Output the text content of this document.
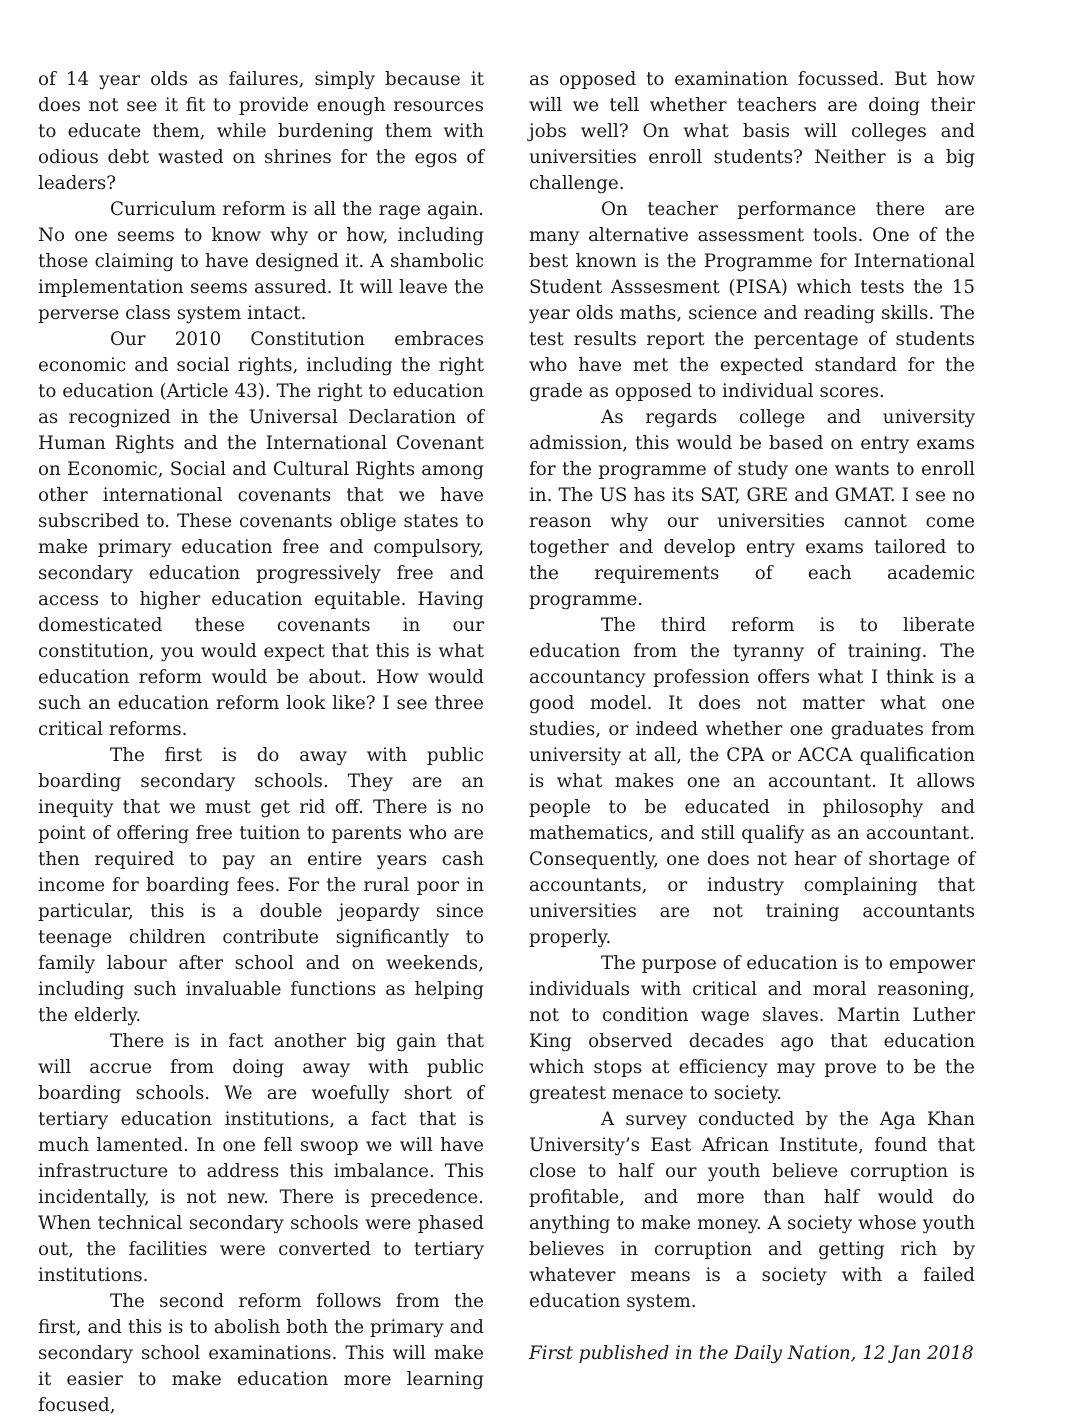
of 14 year olds as failures, simply because it does not see it fit to provide enough resources to educate them, while burdening them with odious debt wasted on shrines for the egos of leaders?

Curriculum reform is all the rage again. No one seems to know why or how, including those claiming to have designed it. A shambolic implementation seems assured. It will leave the perverse class system intact.

Our 2010 Constitution embraces economic and social rights, including the right to education (Article 43). The right to education as recognized in the Universal Declaration of Human Rights and the International Covenant on Economic, Social and Cultural Rights among other international covenants that we have subscribed to. These covenants oblige states to make primary education free and compulsory, secondary education progressively free and access to higher education equitable. Having domesticated these covenants in our constitution, you would expect that this is what education reform would be about. How would such an education reform look like? I see three critical reforms.

The first is do away with public boarding secondary schools. They are an inequity that we must get rid off. There is no point of offering free tuition to parents who are then required to pay an entire years cash income for boarding fees. For the rural poor in particular, this is a double jeopardy since teenage children contribute significantly to family labour after school and on weekends, including such invaluable functions as helping the elderly.

There is in fact another big gain that will accrue from doing away with public boarding schools. We are woefully short of tertiary education institutions, a fact that is much lamented. In one fell swoop we will have infrastructure to address this imbalance. This incidentally, is not new. There is precedence. When technical secondary schools were phased out, the facilities were converted to tertiary institutions.

The second reform follows from the first, and this is to abolish both the primary and secondary school examinations. This will make it easier to make education more learning focused,

as opposed to examination focussed. But how will we tell whether teachers are doing their jobs well? On what basis will colleges and universities enroll students? Neither is a big challenge.

On teacher performance there are many alternative assessment tools. One of the best known is the Programme for International Student Asssesment (PISA) which tests the 15 year olds maths, science and reading skills. The test results report the percentage of students who have met the expected standard for the grade as opposed to individual scores.

As regards college and university admission, this would be based on entry exams for the programme of study one wants to enroll in. The US has its SAT, GRE and GMAT. I see no reason why our universities cannot come together and develop entry exams tailored to the requirements of each academic programme.

The third reform is to liberate education from the tyranny of training. The accountancy profession offers what I think is a good model. It does not matter what one studies, or indeed whether one graduates from university at all, the CPA or ACCA qualification is what makes one an accountant. It allows people to be educated in philosophy and mathematics, and still qualify as an accountant. Consequently, one does not hear of shortage of accountants, or industry complaining that universities are not training accountants properly.

The purpose of education is to empower individuals with critical and moral reasoning, not to condition wage slaves. Martin Luther King observed decades ago that education which stops at efficiency may prove to be the greatest menace to society.

A survey conducted by the Aga Khan University’s East African Institute, found that close to half our youth believe corruption is profitable, and more than half would do anything to make money. A society whose youth believes in corruption and getting rich by whatever means is a society with a failed education system.

First published in the Daily Nation, 12 Jan 2018
